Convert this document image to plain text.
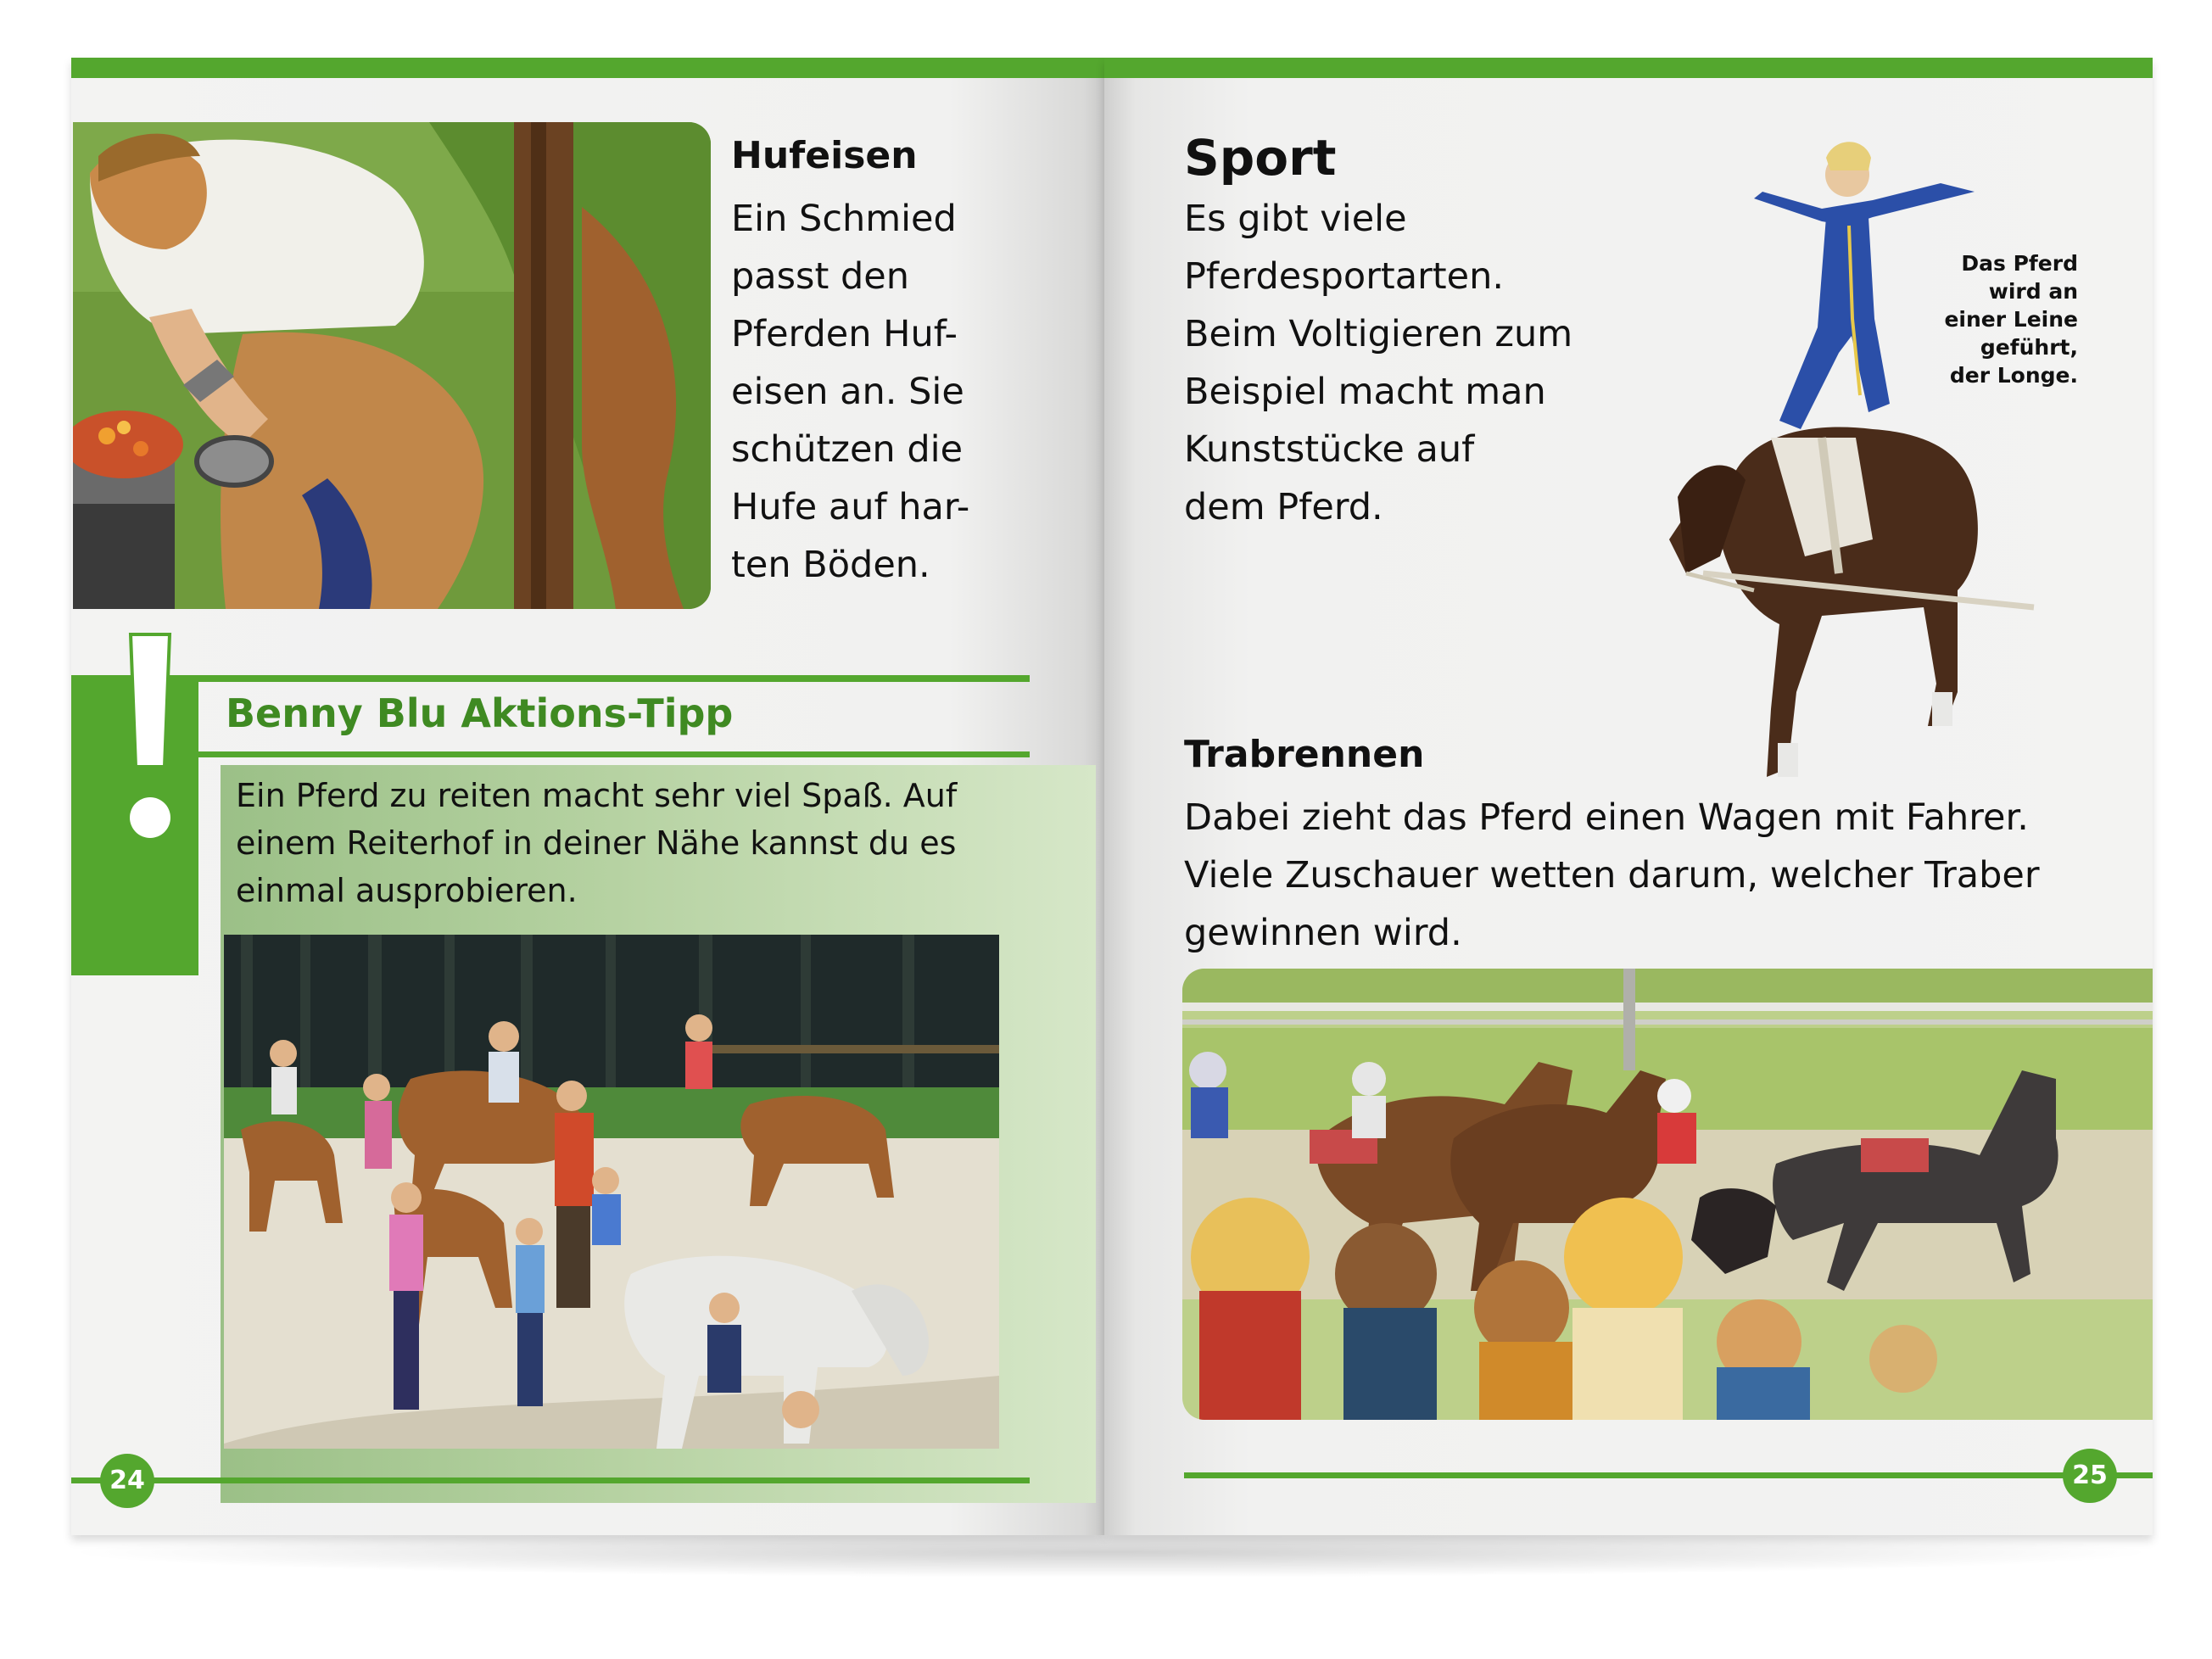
Hufeisen
Ein Schmied
passt den
Pferden Huf-
eisen an. Sie
schützen die
Hufe auf har-
ten Böden.
Benny Blu Aktions-Tipp
Ein Pferd zu reiten macht sehr viel Spaß. Auf
einem Reiterhof in deiner Nähe kannst du es
einmal ausprobieren.
24
Sport
Es gibt viele
Pferdesportarten.
Beim Voltigieren zum
Beispiel macht man
Kunststücke auf
dem Pferd.
Das Pferd
wird an
einer Leine
geführt,
der Longe.
Trabrennen
Dabei zieht das Pferd einen Wagen mit Fahrer.
Viele Zuschauer wetten darum, welcher Traber
gewinnen wird.
25
